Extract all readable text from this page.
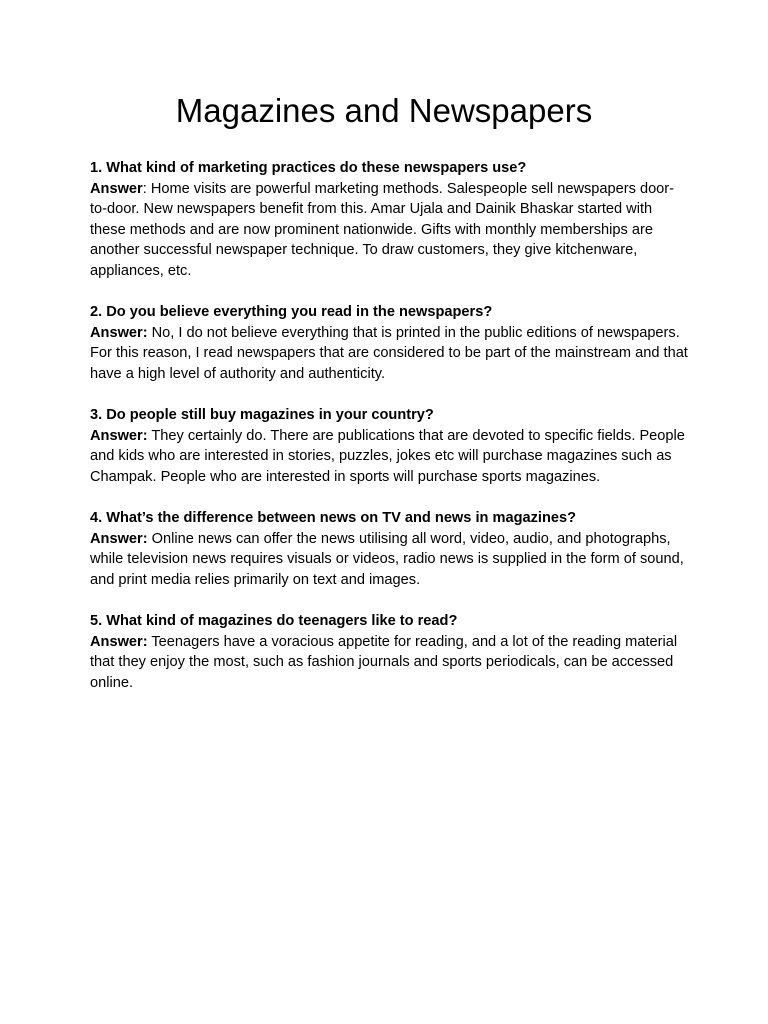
Magazines and Newspapers

1. What kind of marketing practices do these newspapers use?

Answer: Home visits are powerful marketing methods. Salespeople sell newspapers door-to-door. New newspapers benefit from this. Amar Ujala and Dainik Bhaskar started with these methods and are now prominent nationwide. Gifts with monthly memberships are another successful newspaper technique. To draw customers, they give kitchenware, appliances, etc.

2. Do you believe everything you read in the newspapers?

Answer: No, I do not believe everything that is printed in the public editions of newspapers. For this reason, I read newspapers that are considered to be part of the mainstream and that have a high level of authority and authenticity.

3. Do people still buy magazines in your country?

Answer: They certainly do. There are publications that are devoted to specific fields. People and kids who are interested in stories, puzzles, jokes etc will purchase magazines such as Champak. People who are interested in sports will purchase sports magazines.

4. What’s the difference between news on TV and news in magazines?

Answer: Online news can offer the news utilising all word, video, audio, and photographs, while television news requires visuals or videos, radio news is supplied in the form of sound, and print media relies primarily on text and images.

5. What kind of magazines do teenagers like to read?

Answer: Teenagers have a voracious appetite for reading, and a lot of the reading material that they enjoy the most, such as fashion journals and sports periodicals, can be accessed online.
